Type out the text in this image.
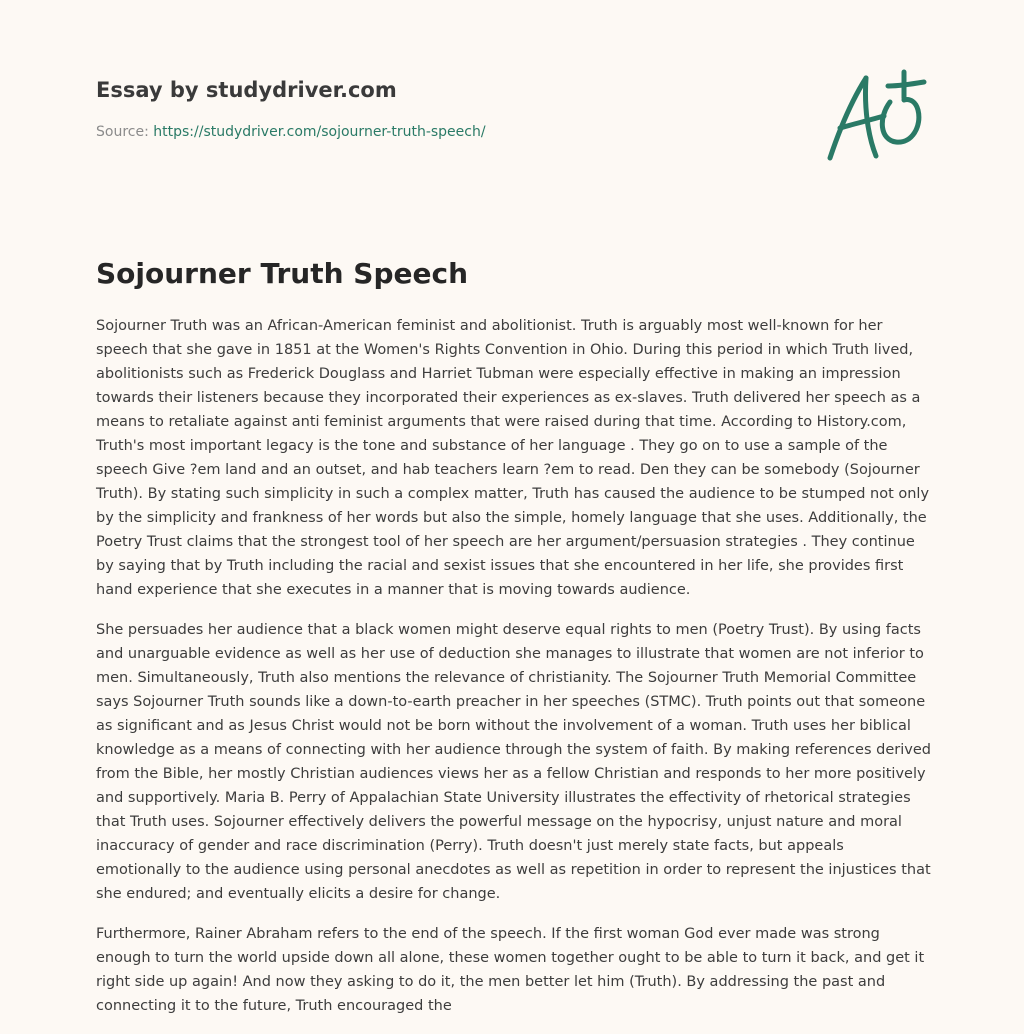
Essay by studydriver.com
Source: https://studydriver.com/sojourner-truth-speech/
Sojourner Truth Speech

Sojourner Truth was an African-American feminist and abolitionist. Truth is arguably most well-known for her speech that she gave in 1851 at the Women's Rights Convention in Ohio. During this period in which Truth lived, abolitionists such as Frederick Douglass and Harriet Tubman were especially effective in making an impression towards their listeners because they incorporated their experiences as ex-slaves. Truth delivered her speech as a means to retaliate against anti feminist arguments that were raised during that time. According to History.com, Truth's most important legacy is the tone and substance of her language . They go on to use a sample of the speech Give ?em land and an outset, and hab teachers learn ?em to read. Den they can be somebody (Sojourner Truth). By stating such simplicity in such a complex matter, Truth has caused the audience to be stumped not only by the simplicity and frankness of her words but also the simple, homely language that she uses. Additionally, the Poetry Trust claims that the strongest tool of her speech are her argument/persuasion strategies . They continue by saying that by Truth including the racial and sexist issues that she encountered in her life, she provides first hand experience that she executes in a manner that is moving towards audience.

She persuades her audience that a black women might deserve equal rights to men (Poetry Trust). By using facts and unarguable evidence as well as her use of deduction she manages to illustrate that women are not inferior to men. Simultaneously, Truth also mentions the relevance of christianity. The Sojourner Truth Memorial Committee says Sojourner Truth sounds like a down-to-earth preacher in her speeches (STMC). Truth points out that someone as significant and as Jesus Christ would not be born without the involvement of a woman. Truth uses her biblical knowledge as a means of connecting with her audience through the system of faith. By making references derived from the Bible, her mostly Christian audiences views her as a fellow Christian and responds to her more positively and supportively. Maria B. Perry of Appalachian State University illustrates the effectivity of rhetorical strategies that Truth uses. Sojourner effectively delivers the powerful message on the hypocrisy, unjust nature and moral inaccuracy of gender and race discrimination (Perry). Truth doesn't just merely state facts, but appeals emotionally to the audience using personal anecdotes as well as repetition in order to represent the injustices that she endured; and eventually elicits a desire for change.

Furthermore, Rainer Abraham refers to the end of the speech. If the first woman God ever made was strong enough to turn the world upside down all alone, these women together ought to be able to turn it back, and get it right side up again! And now they asking to do it, the men better let him (Truth). By addressing the past and connecting it to the future, Truth encouraged the
